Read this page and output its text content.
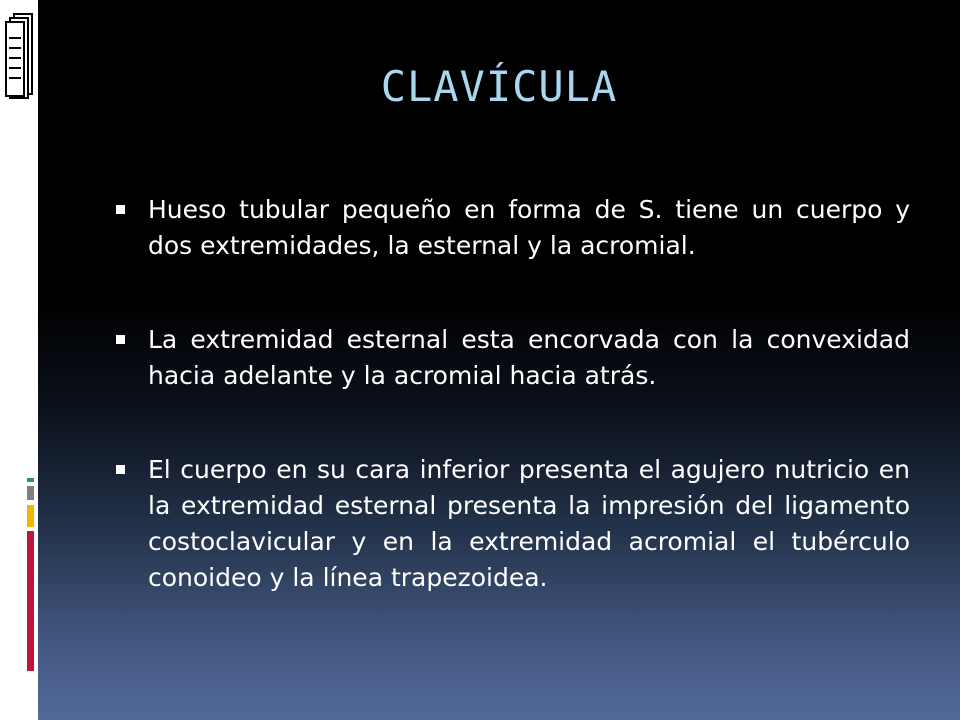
CLAVÍCULA
Hueso tubular pequeño en forma de S. tiene un cuerpo y dos extremidades, la esternal y la acromial.
La extremidad esternal esta encorvada con la convexidad hacia adelante y la acromial hacia atrás.
El cuerpo en su cara inferior presenta el agujero nutricio en la extremidad esternal presenta la impresión del ligamento costoclavicular y en la extremidad acromial el tubérculo conoideo y la línea trapezoidea.
